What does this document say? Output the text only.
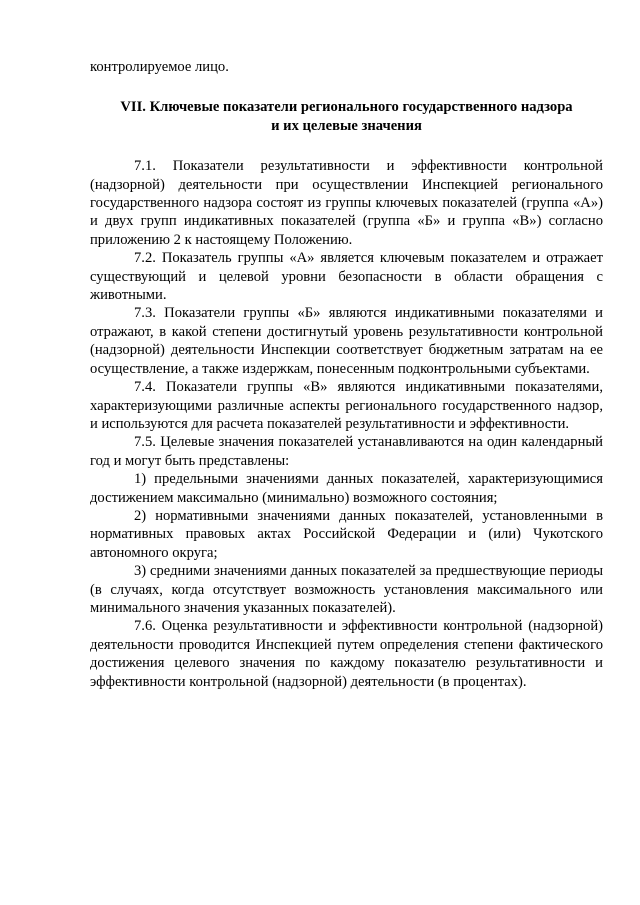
контролируемое лицо.

VII. Ключевые показатели регионального государственного надзора
и их целевые значения

7.1. Показатели результативности и эффективности контрольной (надзорной) деятельности при осуществлении Инспекцией регионального государственного надзора состоят из группы ключевых показателей (группа «А») и двух групп индикативных показателей (группа «Б» и группа «В») согласно приложению 2 к настоящему Положению.

7.2. Показатель группы «А» является ключевым показателем и отражает существующий и целевой уровни безопасности в области обращения с животными.

7.3. Показатели группы «Б» являются индикативными показателями и отражают, в какой степени достигнутый уровень результативности контрольной (надзорной) деятельности Инспекции соответствует бюджетным затратам на ее осуществление, а также издержкам, понесенным подконтрольными субъектами.

7.4. Показатели группы «В» являются индикативными показателями, характеризующими различные аспекты регионального государственного надзор, и используются для расчета показателей результативности и эффективности.

7.5. Целевые значения показателей устанавливаются на один календарный год и могут быть представлены:

1) предельными значениями данных показателей, характеризующимися достижением максимально (минимально) возможного состояния;

2) нормативными значениями данных показателей, установленными в нормативных правовых актах Российской Федерации и (или) Чукотского автономного округа;

3) средними значениями данных показателей за предшествующие периоды (в случаях, когда отсутствует возможность установления максимального или минимального значения указанных показателей).

7.6. Оценка результативности и эффективности контрольной (надзорной) деятельности проводится Инспекцией путем определения степени фактического достижения целевого значения по каждому показателю результативности и эффективности контрольной (надзорной) деятельности (в процентах).
